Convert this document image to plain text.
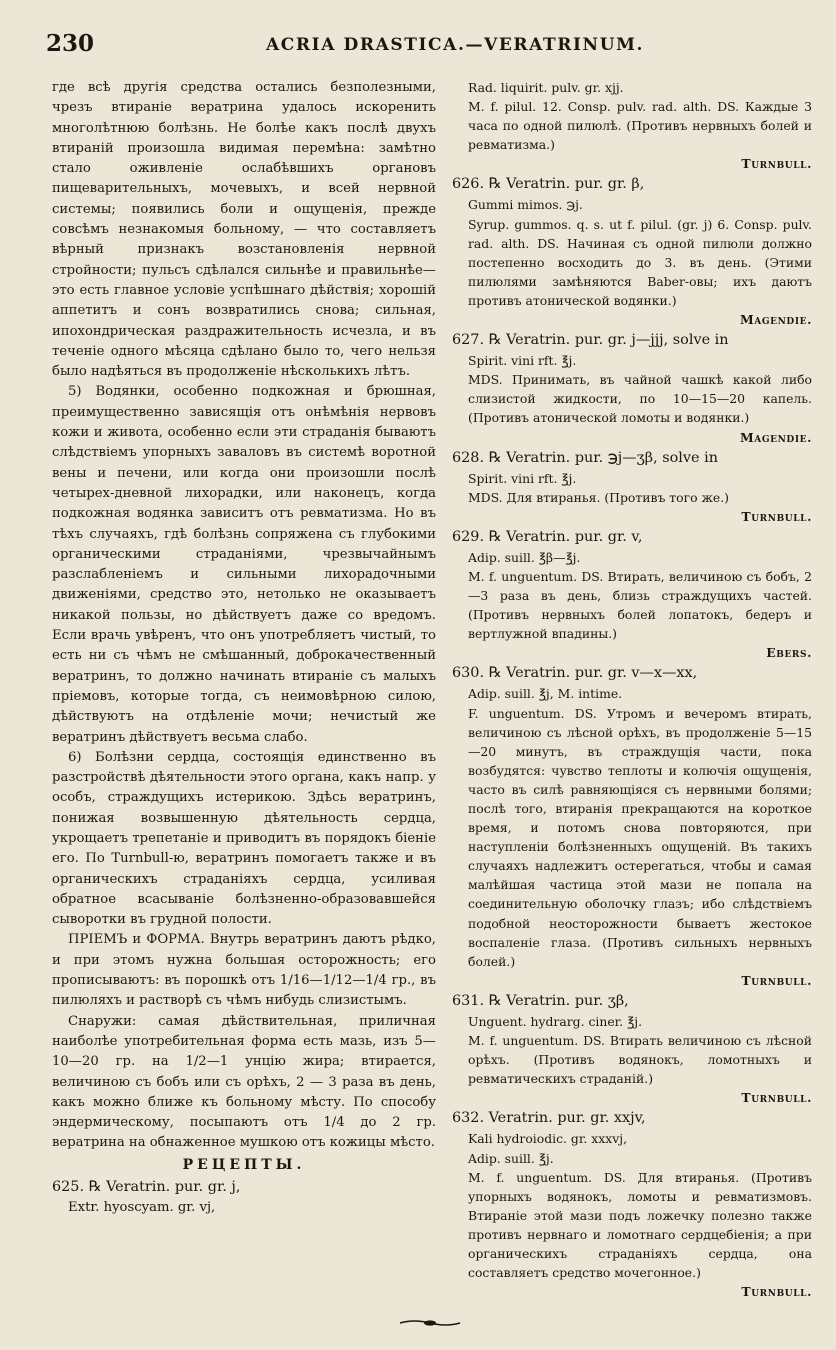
230	ACRIA DRASTICA.—VERATRINUM.

где всѣ другія средства остались безполезными, чрезъ втираніе вератрина удалось искоренить многолѣтнюю болѣзнь. Не болѣе какъ послѣ двухъ втираній произошла видимая перемѣна: замѣтно стало оживленіе ослабѣвшихъ органовъ пищеварительныхъ, мочевыхъ, и всей нервной системы; появились боли и ощущенія, прежде совсѣмъ незнакомыя больному, — что составляетъ вѣрный признакъ возстановленія нервной стройности; пульсъ сдѣлался сильнѣе и правильнѣе—это есть главное условіе успѣшнаго дѣйствія; хорошій аппетитъ и сонъ возвратились снова; сильная, ипохондрическая раздражительность исчезла, и въ теченіе одного мѣсяца сдѣлано было то, чего нельзя было надѣяться въ продолженіе нѣсколькихъ лѣтъ.

5) Водянки, особенно подкожная и брюшная, преимущественно зависящія отъ онѣмѣнія нервовъ кожи и живота, особенно если эти страданія бываютъ слѣдствіемъ упорныхъ заваловъ въ системѣ воротной вены и печени, или когда они произошли послѣ четырех-дневной лихорадки, или наконецъ, когда подкожная водянка зависитъ отъ ревматизма. Но въ тѣхъ случаяхъ, гдѣ болѣзнь сопряжена съ глубокими органическими страданіями, чрезвычайнымъ разслабленіемъ и сильными лихорадочными движеніями, средство это, нетолько не оказываетъ никакой пользы, но дѣйствуетъ даже со вредомъ. Если врачь увѣренъ, что онъ употребляетъ чистый, то есть ни съ чѣмъ не смѣшанный, доброкачественный вератринъ, то должно начинать втираніе съ малыхъ пріемовъ, которые тогда, съ неимовѣрною силою, дѣйствуютъ на отдѣленіе мочи; нечистый же вератринъ дѣйствуетъ весьма слабо.

6) Болѣзни сердца, состоящія единственно въ разстройствѣ дѣятельности этого органа, какъ напр. у особъ, страждущихъ истерикою. Здѣсь вератринъ, понижая возвышенную дѣятельность сердца, укрощаетъ трепетаніе и приводитъ въ порядокъ біеніе его. По Turnbull-ю, вератринъ помогаетъ также и въ органическихъ страданіяхъ сердца, усиливая обратное всасываніе болѣзненно-образовавшейся сыворотки въ грудной полости.

ПРІЕМЪ и ФОРМА. Внутрь вератринъ даютъ рѣдко, и при этомъ нужна большая осторожность; его прописываютъ: въ порошкѣ отъ 1/16—1/12—1/4 гр., въ пилюляхъ и растворѣ съ чѣмъ нибудь слизистымъ.

Снаружи: самая дѣйствительная, приличная наиболѣе употребительная форма есть мазь, изъ 5—10—20 гр. на 1/2—1 унцію жира; втирается, величиною съ бобъ или съ орѣхъ, 2 — 3 раза въ день, какъ можно ближе къ больному мѣсту. По способу эндермическому, посыпаютъ отъ 1/4 до 2 гр. вератрина на обнаженное мушкою отъ кожицы мѣсто.

РЕЦЕПТЫ.

625. ℞ Veratrin. pur. gr. j,

Extr. hyoscyam. gr. vj,

Rad. liquirit. pulv. gr. xjj.

M. f. pilul. 12. Consp. pulv. rad. alth. DS. Каждые 3 часа по одной пилюлѣ. (Противъ нервныхъ болей и ревматизма.)

Turnbull.

626. ℞ Veratrin. pur. gr. β,

Gummi mimos. ℈j.

Syrup. gummos. q. s. ut f. pilul. (gr. j) 6. Consp. pulv. rad. alth. DS. Начиная съ одной пилюли должно постепенно восходить до 3. въ день. (Этими пилюлями замѣняются Ваber-овы; ихъ даютъ противъ атонической водянки.)

Magendie.

627. ℞ Veratrin. pur. gr. j—jjj, solve in

Spirit. vini rft. ℥j.

MDS. Принимать, въ чайной чашкѣ какой либо слизистой жидкости, по 10—15—20 капель. (Противъ атонической ломоты и водянки.)

Magendie.

628. ℞ Veratrin. pur. ℈j—ʒβ, solve in

Spirit. vini rft. ℥j.

MDS. Для втиранья. (Противъ того же.)

Turnbull.

629. ℞ Veratrin. pur. gr. v,

Adip. suill. ℥β—℥j.

M. f. unguentum. DS. Втирать, величиною съ бобъ, 2—3 раза въ день, близь страждущихъ частей. (Противъ нервныхъ болей лопатокъ, бедеръ и вертлужной впадины.)

Ebers.

630. ℞ Veratrin. pur. gr. v—x—xx,

Adip. suill. ℥j, M. intime.

F. unguentum. DS. Утромъ и вечеромъ втирать, величиною съ лѣсной орѣхъ, въ продолженіе 5—15—20 минутъ, въ страждущія части, пока возбудятся: чувство теплоты и колючія ощущенія, часто въ силѣ равняющіяся съ нервными болями; послѣ того, втиранія прекращаются на короткое время, и потомъ снова повторяются, при наступленіи болѣзненныхъ ощущеній. Въ такихъ случаяхъ надлежитъ остерегаться, чтобы и самая малѣйшая частица этой мази не попала на соединительную оболочку глазъ; ибо слѣдствіемъ подобной неосторожности бываетъ жестокое воспаленіе глаза. (Противъ сильныхъ нервныхъ болей.)

Turnbull.

631. ℞ Veratrin. pur. ʒβ,

Unguent. hydrarg. ciner. ℥j.

M. f. unguentum. DS. Втирать величиною съ лѣсной орѣхъ. (Противъ водянокъ, ломотныхъ и ревматическихъ страданій.)

Turnbull.

632. Veratrin. pur. gr. xxjv,

Kali hydroiodic. gr. xxxvj,

Adip. suill. ℥j.

M. f. unguentum. DS. Для втиранья. (Противъ упорныхъ водянокъ, ломоты и ревматизмовъ. Втираніе этой мази подъ ложечку полезно также противъ нервнаго и ломотнаго сердцебіенія; а при органическихъ страданіяхъ сердца, она составляетъ средство мочегонное.)

Turnbull.
